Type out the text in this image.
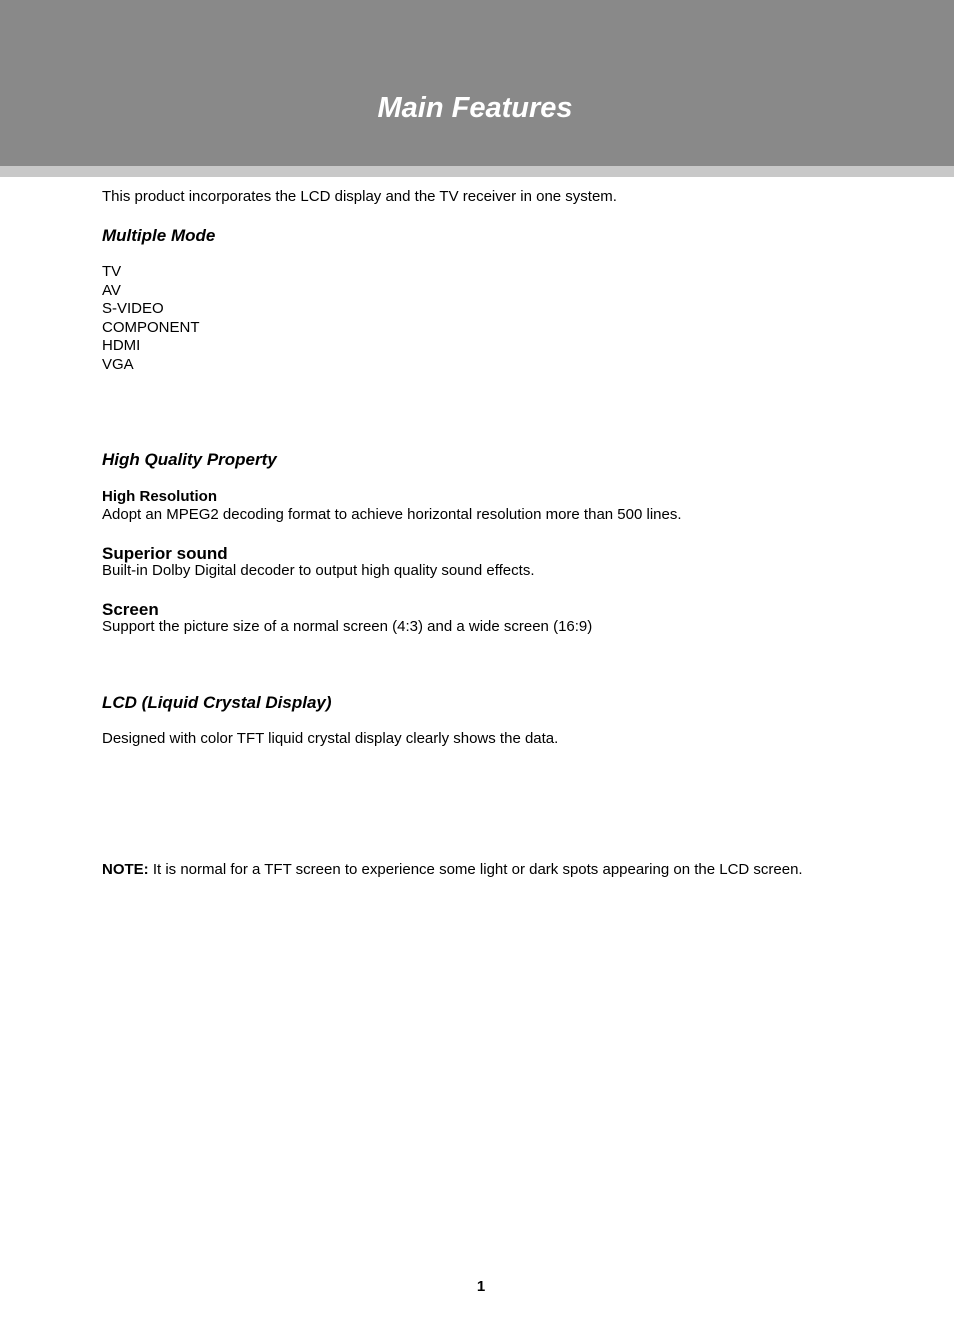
Main Features
This product incorporates the LCD display and the TV receiver in one system.
Multiple Mode
TV
AV
S-VIDEO
COMPONENT
HDMI
VGA
High Quality Property
High Resolution
Adopt an MPEG2 decoding format to achieve horizontal resolution more than 500 lines.
Superior sound
Built-in Dolby Digital decoder to output high quality sound effects.
Screen
Support the picture size of a normal screen (4:3) and a wide screen (16:9)
LCD (Liquid Crystal Display)
Designed with color TFT liquid crystal display clearly shows the data.
NOTE: It is normal for a TFT screen to experience some light or dark spots appearing on the LCD screen.
1
